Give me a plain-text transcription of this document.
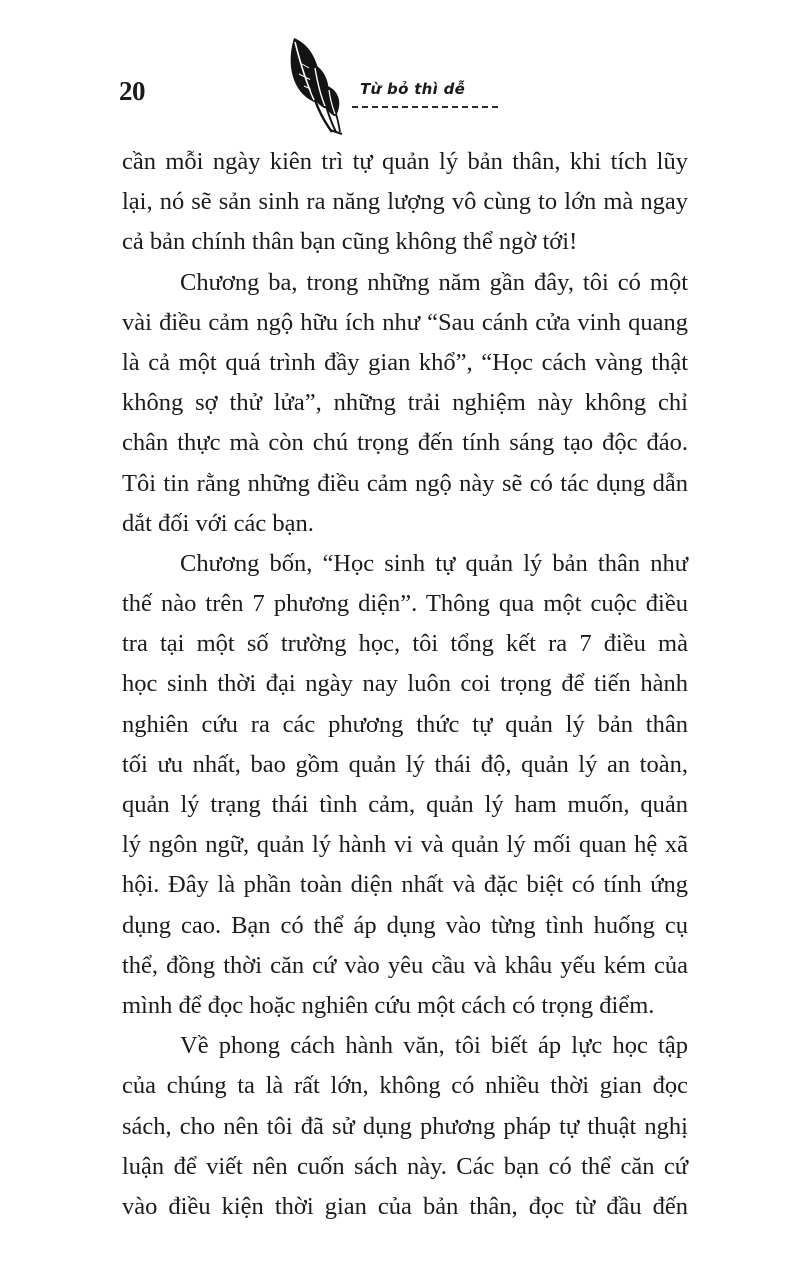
20	Từ bỏ thì dễ
cần mỗi ngày kiên trì tự quản lý bản thân, khi tích lũy
lại, nó sẽ sản sinh ra năng lượng vô cùng to lớn mà ngay
cả bản chính thân bạn cũng không thể ngờ tới!
Chương ba, trong những năm gần đây, tôi có một
vài điều cảm ngộ hữu ích như “Sau cánh cửa vinh quang
là cả một quá trình đầy gian khổ”, “Học cách vàng thật
không sợ thử lửa”, những trải nghiệm này không chỉ
chân thực mà còn chú trọng đến tính sáng tạo độc đáo.
Tôi tin rằng những điều cảm ngộ này sẽ có tác dụng dẫn
dắt đối với các bạn.
Chương bốn, “Học sinh tự quản lý bản thân như
thế nào trên 7 phương diện”. Thông qua một cuộc điều
tra tại một số trường học, tôi tổng kết ra 7 điều mà
học sinh thời đại ngày nay luôn coi trọng để tiến hành
nghiên cứu ra các phương thức tự quản lý bản thân
tối ưu nhất, bao gồm quản lý thái độ, quản lý an toàn,
quản lý trạng thái tình cảm, quản lý ham muốn, quản
lý ngôn ngữ, quản lý hành vi và quản lý mối quan hệ xã
hội. Đây là phần toàn diện nhất và đặc biệt có tính ứng
dụng cao. Bạn có thể áp dụng vào từng tình huống cụ
thể, đồng thời căn cứ vào yêu cầu và khâu yếu kém của
mình để đọc hoặc nghiên cứu một cách có trọng điểm.
Về phong cách hành văn, tôi biết áp lực học tập
của chúng ta là rất lớn, không có nhiều thời gian đọc
sách, cho nên tôi đã sử dụng phương pháp tự thuật nghị
luận để viết nên cuốn sách này. Các bạn có thể căn cứ
vào điều kiện thời gian của bản thân, đọc từ đầu đến
